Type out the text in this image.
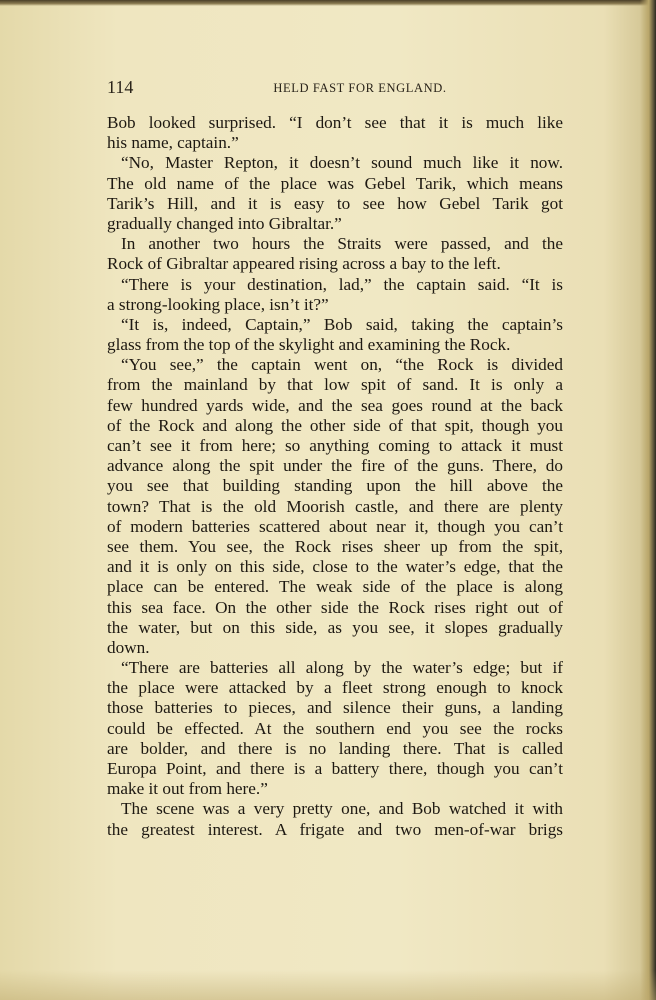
114	HELD FAST FOR ENGLAND.
Bob looked surprised. “I don’t see that it is much like
his name, captain.”
“No, Master Repton, it doesn’t sound much like it now.
The old name of the place was Gebel Tarik, which means
Tarik’s Hill, and it is easy to see how Gebel Tarik got
gradually changed into Gibraltar.”
In another two hours the Straits were passed, and the
Rock of Gibraltar appeared rising across a bay to the left.
“There is your destination, lad,” the captain said. “It is
a strong-looking place, isn’t it?”
“It is, indeed, Captain,” Bob said, taking the captain’s
glass from the top of the skylight and examining the Rock.
“You see,” the captain went on, “the Rock is divided
from the mainland by that low spit of sand. It is only a
few hundred yards wide, and the sea goes round at the back
of the Rock and along the other side of that spit, though you
can’t see it from here; so anything coming to attack it must
advance along the spit under the fire of the guns. There, do
you see that building standing upon the hill above the
town? That is the old Moorish castle, and there are plenty
of modern batteries scattered about near it, though you can’t
see them. You see, the Rock rises sheer up from the spit,
and it is only on this side, close to the water’s edge, that the
place can be entered. The weak side of the place is along
this sea face. On the other side the Rock rises right out of
the water, but on this side, as you see, it slopes gradually
down.
“There are batteries all along by the water’s edge; but if
the place were attacked by a fleet strong enough to knock
those batteries to pieces, and silence their guns, a landing
could be effected. At the southern end you see the rocks
are bolder, and there is no landing there. That is called
Europa Point, and there is a battery there, though you can’t
make it out from here.”
The scene was a very pretty one, and Bob watched it with
the greatest interest. A frigate and two men-of-war brigs
